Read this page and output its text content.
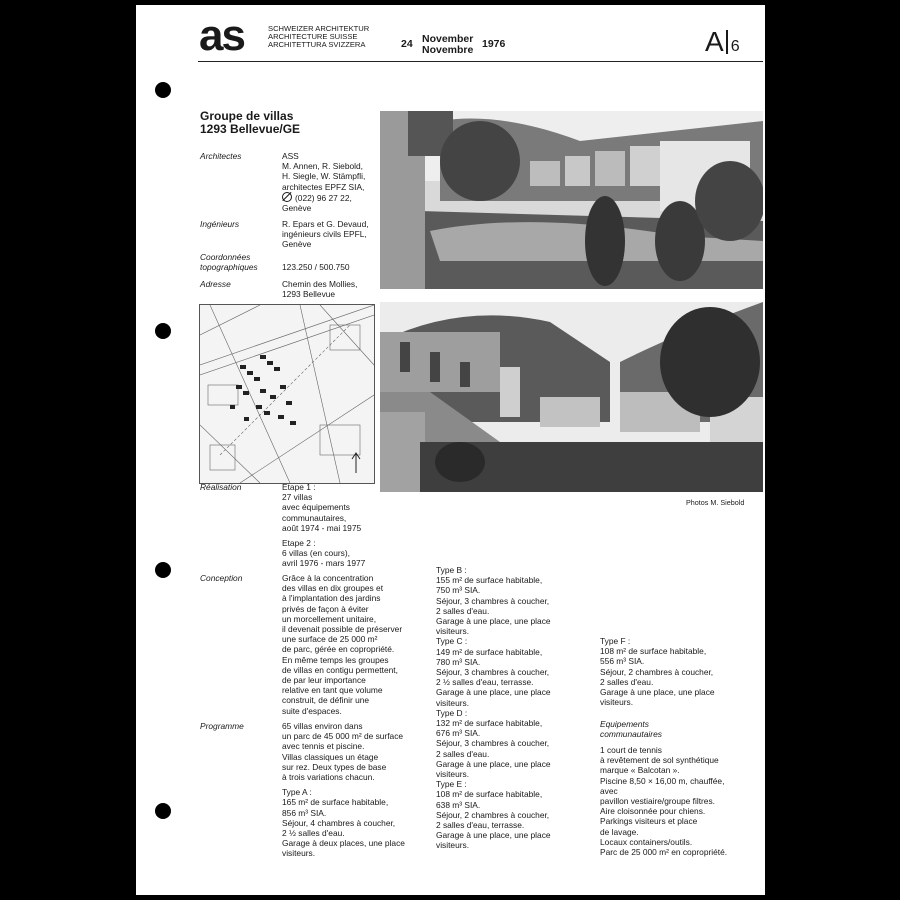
as	SCHWEIZER ARCHITEKTUR
ARCHITECTURE SUISSE
ARCHITETTURA SVIZZERA	24 November
Novembre 1976	A 6
Groupe de villas
1293 Bellevue/GE
Architectes	ASS
M. Annen, R. Siebold,
H. Siegle, W. Stämpfli,
architectes EPFZ SIA,
(022) 96 27 22,
Genève
Ingénieurs	R. Epars et G. Devaud,
ingénieurs civils EPFL,
Genève
Coordonnées
topographiques	123.250 / 500.750
Adresse	Chemin des Mollies,
1293 Bellevue
Photos M. Siebold
Réalisation	Etape 1 :
27 villas
avec équipements
communautaires,
août 1974 - mai 1975
Etape 2 :
6 villas (en cours),
avril 1976 - mars 1977
Conception	Grâce à la concentration
des villas en dix groupes et
à l'implantation des jardins
privés de façon à éviter
un morcellement unitaire,
il devenait possible de préserver
une surface de 25 000 m²
de parc, gérée en copropriété.
En même temps les groupes
de villas en contigu permettent,
de par leur importance
relative en tant que volume
construit, de définir une
suite d'espaces.
Programme	65 villas environ dans
un parc de 45 000 m² de surface
avec tennis et piscine.
Villas classiques un étage
sur rez. Deux types de base
à trois variations chacun.
Type A :
165 m² de surface habitable,
856 m³ SIA.
Séjour, 4 chambres à coucher,
2 ½ salles d'eau.
Garage à deux places, une place
visiteurs.
Type B :
155 m² de surface habitable,
750 m³ SIA.
Séjour, 3 chambres à coucher,
2 salles d'eau.
Garage à une place, une place
visiteurs.
Type C :
149 m² de surface habitable,
780 m³ SIA.
Séjour, 3 chambres à coucher,
2 ½ salles d'eau, terrasse.
Garage à une place, une place
visiteurs.
Type D :
132 m² de surface habitable,
676 m³ SIA.
Séjour, 3 chambres à coucher,
2 salles d'eau.
Garage à une place, une place
visiteurs.
Type E :
108 m² de surface habitable,
638 m³ SIA.
Séjour, 2 chambres à coucher,
2 salles d'eau, terrasse.
Garage à une place, une place
visiteurs.
Type F :
108 m² de surface habitable,
556 m³ SIA.
Séjour, 2 chambres à coucher,
2 salles d'eau.
Garage à une place, une place
visiteurs.
Equipements
communautaires
1 court de tennis
à revêtement de sol synthétique
marque « Balcotan ».
Piscine 8,50 × 16,00 m, chauffée,
avec
pavillon vestiaire/groupe filtres.
Aire cloisonnée pour chiens.
Parkings visiteurs et place
de lavage.
Locaux containers/outils.
Parc de 25 000 m² en copropriété.
